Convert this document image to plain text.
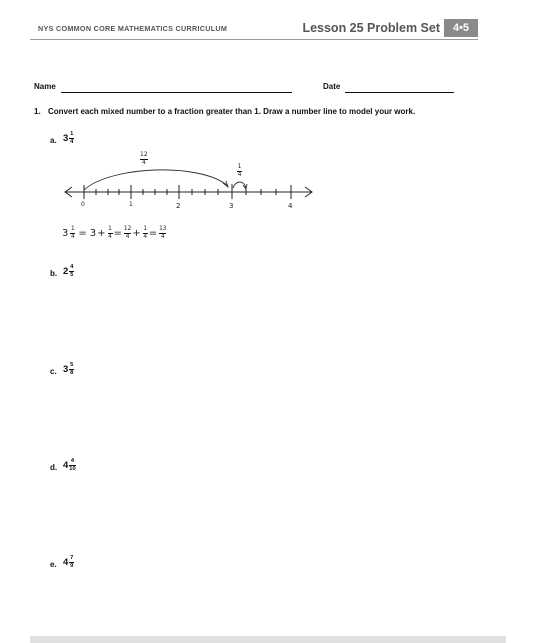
NYS COMMON CORE MATHEMATICS CURRICULUM	Lesson 25 Problem Set	4•5
Name	Date
1. Convert each mixed number to a fraction greater than 1. Draw a number line to model your work.
a. $3 \frac{1}{4}$
12
4
1
4
0	1	2	3	4
$3 \frac{1}{4} = 3 + \frac{1}{4} = \frac{12}{4} + \frac{1}{4} = \frac{13}{4}$
b. $2 \frac{4}{5}$
c. $3 \frac{5}{8}$
d. $4 \frac{4}{10}$
e. $4 \frac{7}{9}$
